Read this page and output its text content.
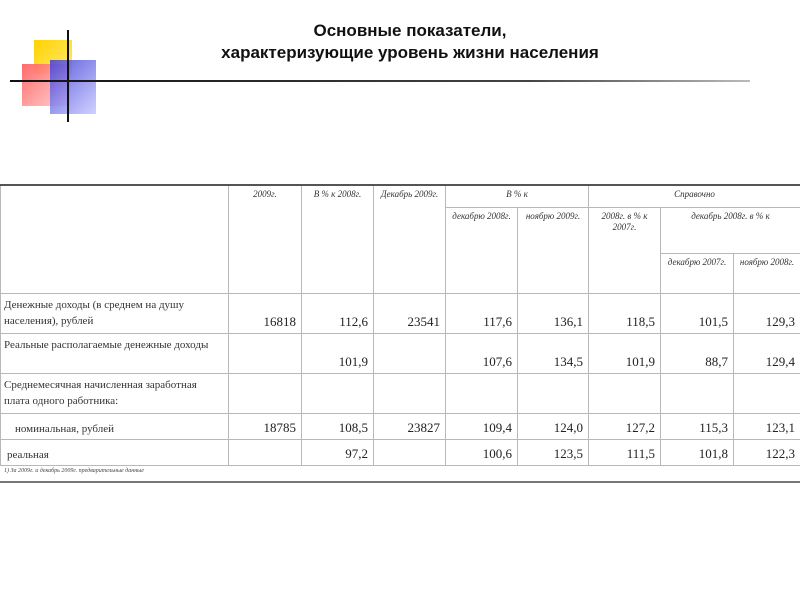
Основные показатели,
характеризующие уровень жизни населения
	2009г.	В % к 2008г.	Декабрь 2009г.	В % к		Справочно		
				декабрю 2008г.	ноябрю 2009г.	2008г. в % к 2007г.	декабрь 2008г. в % к	
							декабрю 2007г.	ноябрю 2008г.
Денежные доходы (в среднем на душу населения), рублей	16818	112,6	23541	117,6	136,1	118,5	101,5	129,3
Реальные располагаемые денежные доходы		101,9		107,6	134,5	101,9	88,7	129,4
Среднемесячная начисленная заработная плата одного работника:								
номинальная, рублей	18785	108,5	23827	109,4	124,0	127,2	115,3	123,1
реальная		97,2		100,6	123,5	111,5	101,8	122,3
1) За 2009г. и декабрь 2009г. предварительные данные
